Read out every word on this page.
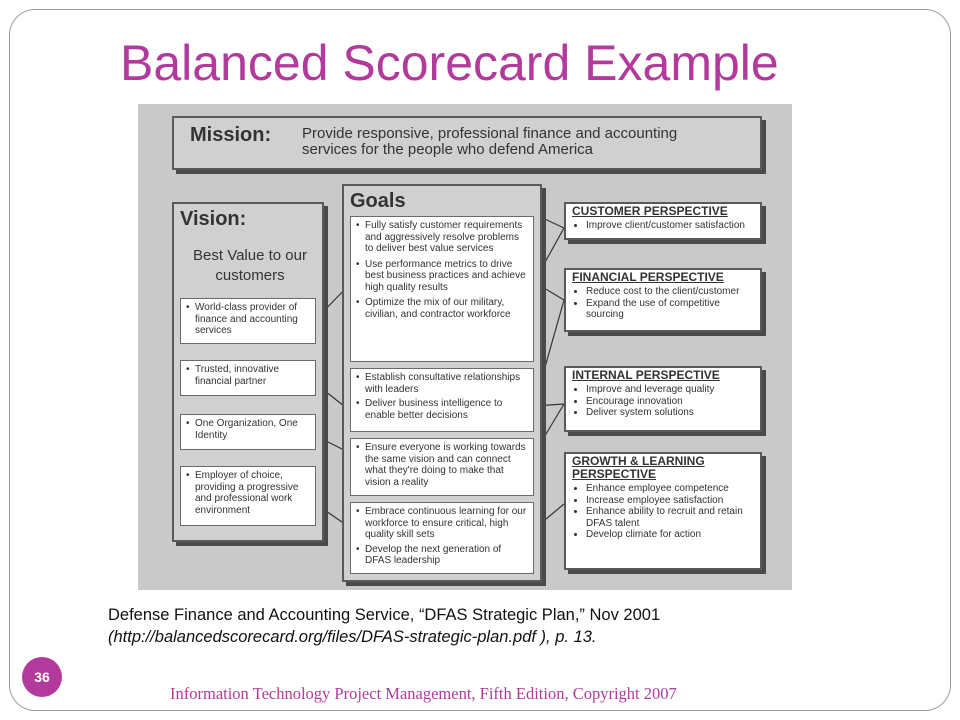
Balanced Scorecard Example
Mission: Provide responsive, professional finance and accounting
services for the people who defend America
Vision:
Best Value to our
customers
• World-class provider of finance and accounting services
• Trusted, innovative financial partner
• One Organization, One Identity
• Employer of choice, providing a progressive and professional work environment
Goals
• Fully satisfy customer requirements and aggressively resolve problems to deliver best value services
• Use performance metrics to drive best business practices and achieve high quality results
• Optimize the mix of our military, civilian, and contractor workforce
• Establish consultative relationships with leaders
• Deliver business intelligence to enable better decisions
• Ensure everyone is working towards the same vision and can connect what they're doing to make that vision a reality
• Embrace continuous learning for our workforce to ensure critical, high quality skill sets
• Develop the next generation of DFAS leadership
CUSTOMER PERSPECTIVE
• Improve client/customer satisfaction
FINANCIAL PERSPECTIVE
• Reduce cost to the client/customer
• Expand the use of competitive sourcing
INTERNAL PERSPECTIVE
• Improve and leverage quality
• Encourage innovation
• Deliver system solutions
GROWTH & LEARNING PERSPECTIVE
• Enhance employee competence
• Increase employee satisfaction
• Enhance ability to recruit and retain DFAS talent
• Develop climate for action
Defense Finance and Accounting Service, “DFAS Strategic Plan,” Nov 2001
(http://balancedscorecard.org/files/DFAS-strategic-plan.pdf ), p. 13.
36
Information Technology Project Management, Fifth Edition, Copyright 2007
